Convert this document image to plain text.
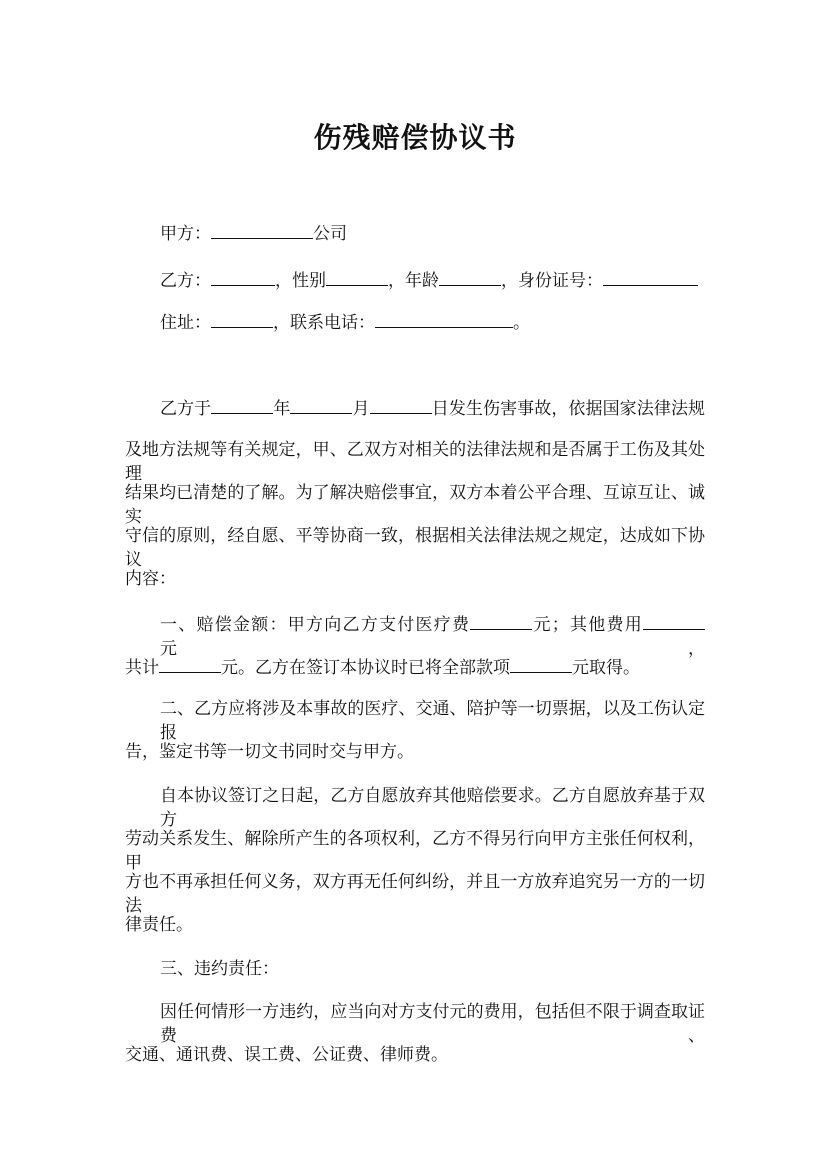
伤残赔偿协议书
甲方：	公司
乙方：	，性别	，年龄	，身份证号：
住址：	，联系电话：	。
乙方于	年	月	日发生伤害事故，依据国家法律法规
及地方法规等有关规定，甲、乙双方对相关的法律法规和是否属于工伤及其处理
结果均已清楚的了解。为了解决赔偿事宜，双方本着公平合理、互谅互让、诚实
守信的原则，经自愿、平等协商一致，根据相关法律法规之规定，达成如下协议
内容：
一、赔偿金额：甲方向乙方支付医疗费	元；其他费用元，
共计	元。乙方在签订本协议时已将全部款项	元取得。
二、乙方应将涉及本事故的医疗、交通、陪护等一切票据，以及工伤认定报
告，鉴定书等一切文书同时交与甲方。
自本协议签订之日起，乙方自愿放弃其他赔偿要求。乙方自愿放弃基于双方
劳动关系发生、解除所产生的各项权利，乙方不得另行向甲方主张任何权利，甲
方也不再承担任何义务，双方再无任何纠纷，并且一方放弃追究另一方的一切法
律责任。
三、违约责任：
因任何情形一方违约，应当向对方支付元的费用，包括但不限于调查取证费、
交通、通讯费、误工费、公证费、律师费。
